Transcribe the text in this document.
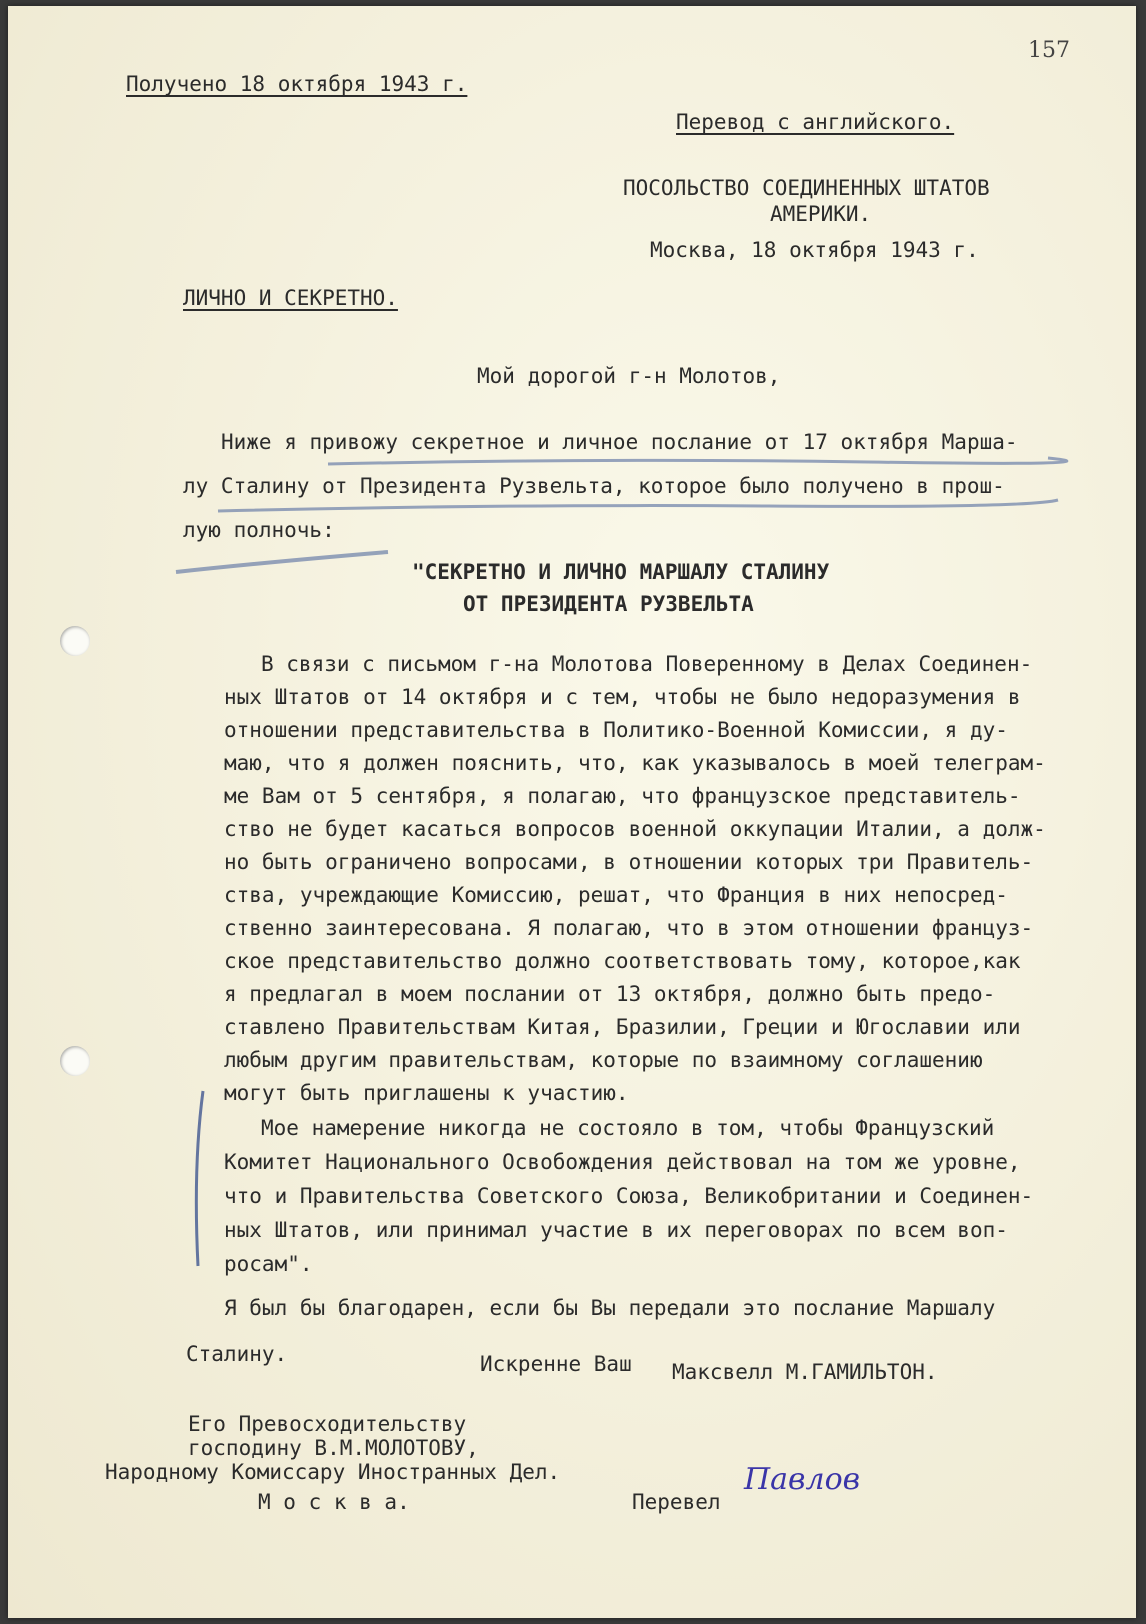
157
Получено 18 октября 1943 г.
Перевод с английского.
ПОСОЛЬСТВО СОЕДИНЕННЫХ ШТАТОВ
АМЕРИКИ.
Москва, 18 октября 1943 г.
ЛИЧНО И СЕКРЕТНО.
Мой дорогой г-н Молотов,
Ниже я привожу секретное и личное послание от 17 октября Марша-
лу Сталину от Президента Рузвельта, которое было получено в прош-
лую полночь:
"СЕКРЕТНО И ЛИЧНО МАРШАЛУ СТАЛИНУ
ОТ ПРЕЗИДЕНТА РУЗВЕЛЬТА
В связи с письмом г-на Молотова Поверенному в Делах Соединен-
ных Штатов от 14 октября и с тем, чтобы не было недоразумения в
отношении представительства в Политико-Военной Комиссии, я ду-
маю, что я должен пояснить, что, как указывалось в моей телеграм-
ме Вам от 5 сентября, я полагаю, что французское представитель-
ство не будет касаться вопросов военной оккупации Италии, а долж-
но быть ограничено вопросами, в отношении которых три Правитель-
ства, учреждающие Комиссию, решат, что Франция в них непосред-
ственно заинтересована. Я полагаю, что в этом отношении француз-
ское представительство должно соответствовать тому, которое,как
я предлагал в моем послании от 13 октября, должно быть предо-
ставлено Правительствам Китая, Бразилии, Греции и Югославии или
любым другим правительствам, которые по взаимному соглашению
могут быть приглашены к участию.
Мое намерение никогда не состояло в том, чтобы Французский
Комитет Национального Освобождения действовал на том же уровне,
что и Правительства Советского Союза, Великобритании и Соединен-
ных Штатов, или принимал участие в их переговорах по всем воп-
росам".
Я был бы благодарен, если бы Вы передали это послание Маршалу
Сталину.	Искренне Ваш Максвелл М.ГАМИЛЬТОН.
Его Превосходительству
господину В.М.МОЛОТОВУ,
Народному Комиссару Иностранных Дел.
М о с к в а.	Перевел
Павлов
